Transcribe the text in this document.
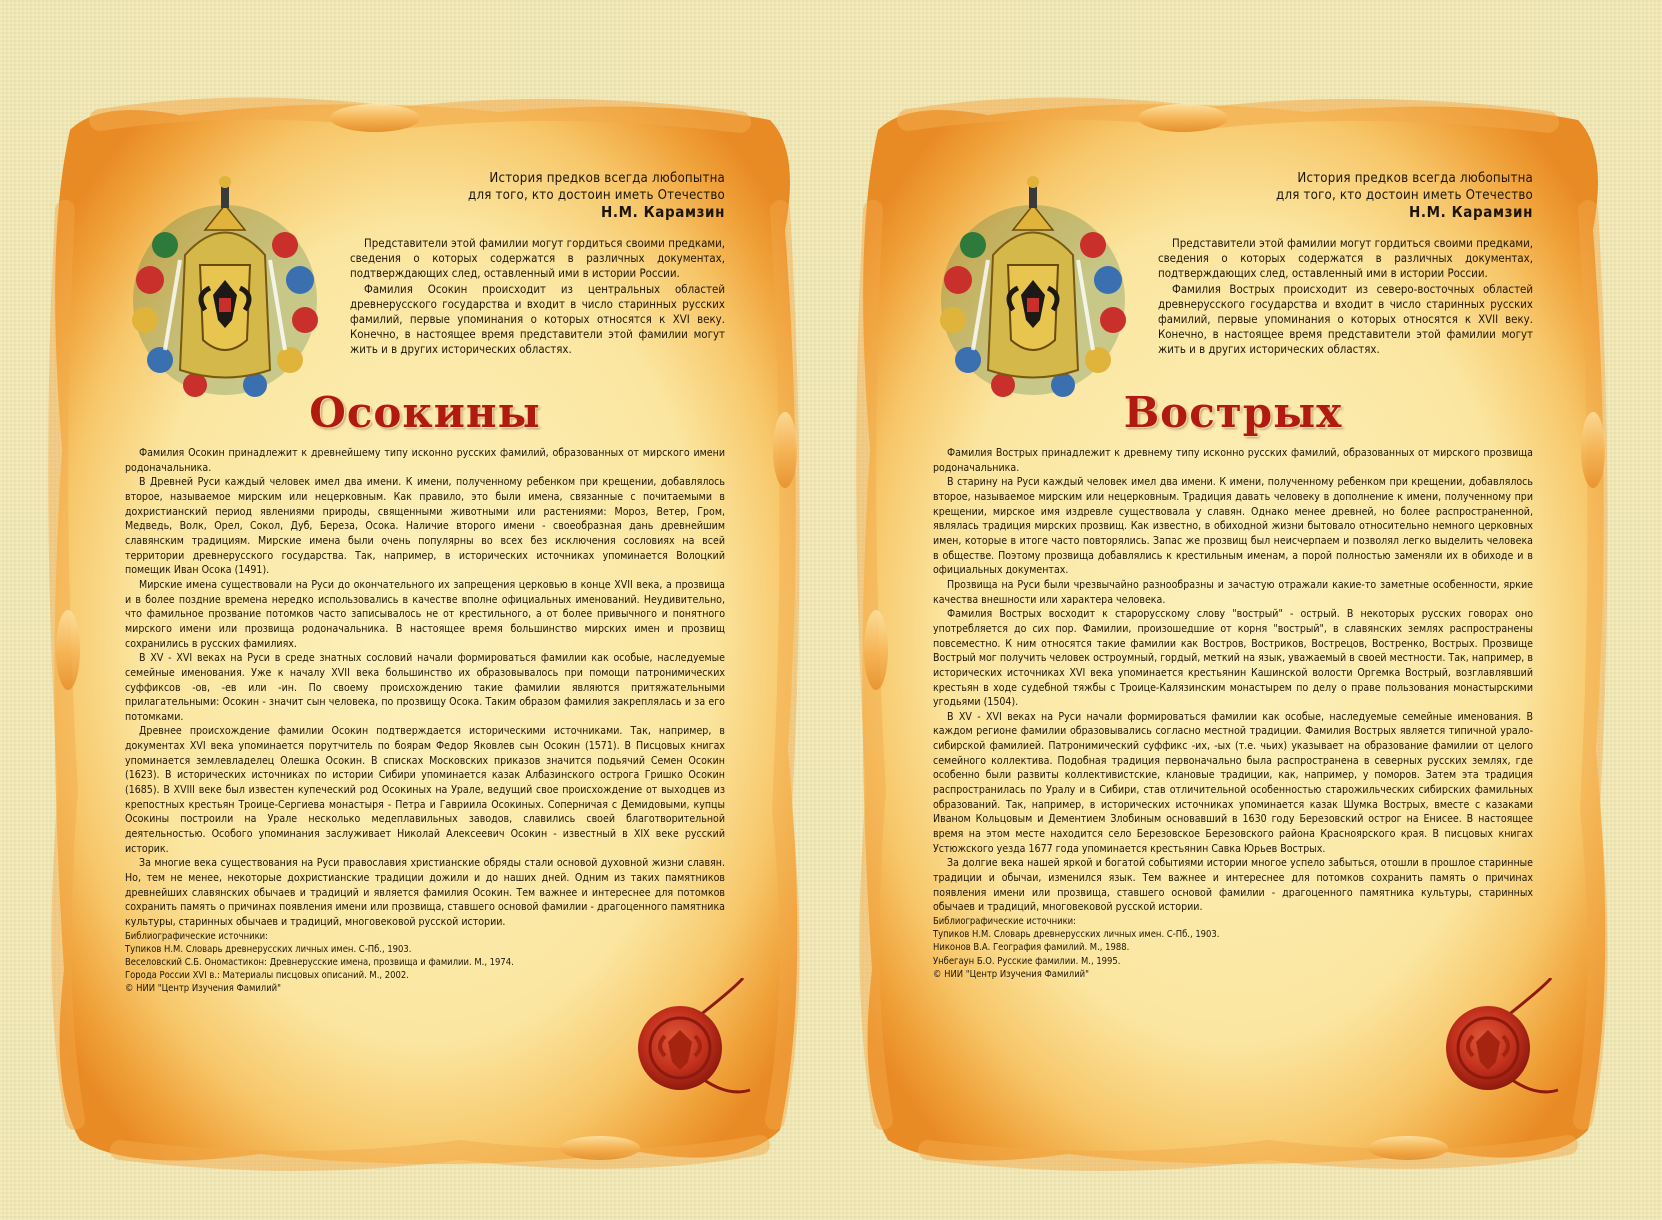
История предков всегда любопытна
для того, кто достоин иметь Отечество
Н.М. Карамзин

Представители этой фамилии могут гордиться своими предками, сведения о которых содержатся в различных документах, подтверждающих след, оставленный ими в истории России.

Фамилия Осокин происходит из центральных областей древнерусского государства и входит в число старинных русских фамилий, первые упоминания о которых относятся к XVI веку. Конечно, в настоящее время представители этой фамилии могут жить и в других исторических областях.

Осокины

Фамилия Осокин принадлежит к древнейшему типу исконно русских фамилий, образованных от мирского имени родоначальника.

В Древней Руси каждый человек имел два имени. К имени, полученному ребенком при крещении, добавлялось второе, называемое мирским или нецерковным. Как правило, это были имена, связанные с почитаемыми в дохристианский период явлениями природы, священными животными или растениями: Мороз, Ветер, Гром, Медведь, Волк, Орел, Сокол, Дуб, Береза, Осока. Наличие второго имени - своеобразная дань древнейшим славянским традициям. Мирские имена были очень популярны во всех без исключения сословиях на всей территории древнерусского государства. Так, например, в исторических источниках упоминается Волоцкий помещик Иван Осока (1491).

Мирские имена существовали на Руси до окончательного их запрещения церковью в конце XVII века, а прозвища и в более поздние времена нередко использовались в качестве вполне официальных именований. Неудивительно, что фамильное прозвание потомков часто записывалось не от крестильного, а от более привычного и понятного мирского имени или прозвища родоначальника. В настоящее время большинство мирских имен и прозвищ сохранились в русских фамилиях.

В XV - XVI веках на Руси в среде знатных сословий начали формироваться фамилии как особые, наследуемые семейные именования. Уже к началу XVII века большинство их образовывалось при помощи патронимических суффиксов -ов, -ев или -ин. По своему происхождению такие фамилии являются притяжательными прилагательными: Осокин - значит сын человека, по прозвищу Осока. Таким образом фамилия закреплялась и за его потомками.

Древнее происхождение фамилии Осокин подтверждается историческими источниками. Так, например, в документах XVI века упоминается порутчитель по боярам Федор Яковлев сын Осокин (1571). В Писцовых книгах упоминается землевладелец Олешка Осокин. В списках Московских приказов значится подьячий Семен Осокин (1623). В исторических источниках по истории Сибири упоминается казак Албазинского острога Гришко Осокин (1685). В XVIII веке был известен купеческий род Осокиных на Урале, ведущий свое происхождение от выходцев из крепостных крестьян Троице-Сергиева монастыря - Петра и Гавриила Осокиных. Соперничая с Демидовыми, купцы Осокины построили на Урале несколько медеплавильных заводов, славились своей благотворительной деятельностью. Особого упоминания заслуживает Николай Алексеевич Осокин - известный в XIX веке русский историк.

За многие века существования на Руси православия христианские обряды стали основой духовной жизни славян. Но, тем не менее, некоторые дохристианские традиции дожили и до наших дней. Одним из таких памятников древнейших славянских обычаев и традиций и является фамилия Осокин. Тем важнее и интереснее для потомков сохранить память о причинах появления имени или прозвища, ставшего основой фамилии - драгоценного памятника культуры, старинных обычаев и традиций, многовековой русской истории.

Библиографические источники:
Тупиков Н.М. Словарь древнерусских личных имен. С-Пб., 1903.
Веселовский С.Б. Ономастикон: Древнерусские имена, прозвища и фамилии. М., 1974.
Города России XVI в.: Материалы писцовых описаний. М., 2002.
© НИИ "Центр Изучения Фамилий"
История предков всегда любопытна
для того, кто достоин иметь Отечество
Н.М. Карамзин

Представители этой фамилии могут гордиться своими предками, сведения о которых содержатся в различных документах, подтверждающих след, оставленный ими в истории России.

Фамилия Вострых происходит из северо-восточных областей древнерусского государства и входит в число старинных русских фамилий, первые упоминания о которых относятся к XVII веку. Конечно, в настоящее время представители этой фамилии могут жить и в других исторических областях.

Вострых

Фамилия Вострых принадлежит к древнему типу исконно русских фамилий, образованных от мирского прозвища родоначальника.

В старину на Руси каждый человек имел два имени. К имени, полученному ребенком при крещении, добавлялось второе, называемое мирским или нецерковным. Традиция давать человеку в дополнение к имени, полученному при крещении, мирское имя издревле существовала у славян. Однако менее древней, но более распространенной, являлась традиция мирских прозвищ. Как известно, в обиходной жизни бытовало относительно немного церковных имен, которые в итоге часто повторялись. Запас же прозвищ был неисчерпаем и позволял легко выделить человека в обществе. Поэтому прозвища добавлялись к крестильным именам, а порой полностью заменяли их в обиходе и в официальных документах.

Прозвища на Руси были чрезвычайно разнообразны и зачастую отражали какие-то заметные особенности, яркие качества внешности или характера человека.

Фамилия Вострых восходит к старорусскому слову "вострый" - острый. В некоторых русских говорах оно употребляется до сих пор. Фамилии, произошедшие от корня "вострый", в славянских землях распространены повсеместно. К ним относятся такие фамилии как Востров, Востриков, Вострецов, Востренко, Вострых. Прозвище Вострый мог получить человек остроумный, гордый, меткий на язык, уважаемый в своей местности. Так, например, в исторических источниках XVI века упоминается крестьянин Кашинской волости Оргемка Вострый, возглавлявший крестьян в ходе судебной тяжбы с Троице-Калязинским монастырем по делу о праве пользования монастырскими угодьями (1504).

В XV - XVI веках на Руси начали формироваться фамилии как особые, наследуемые семейные именования. В каждом регионе фамилии образовывались согласно местной традиции. Фамилия Вострых является типичной урало-сибирской фамилией. Патронимический суффикс -их, -ых (т.е. чьих) указывает на образование фамилии от целого семейного коллектива. Подобная традиция первоначально была распространена в северных русских землях, где особенно были развиты коллективистские, клановые традиции, как, например, у поморов. Затем эта традиция распространилась по Уралу и в Сибири, став отличительной особенностью старожильческих сибирских фамильных образований. Так, например, в исторических источниках упоминается казак Шумка Вострых, вместе с казаками Иваном Кольцовым и Дементием Злобиным основавший в 1630 году Березовский острог на Енисее. В настоящее время на этом месте находится село Березовское Березовского района Красноярского края. В писцовых книгах Устюжского уезда 1677 года упоминается крестьянин Савка Юрьев Вострых.

За долгие века нашей яркой и богатой событиями истории многое успело забыться, отошли в прошлое старинные традиции и обычаи, изменился язык. Тем важнее и интереснее для потомков сохранить память о причинах появления имени или прозвища, ставшего основой фамилии - драгоценного памятника культуры, старинных обычаев и традиций, многовековой русской истории.

Библиографические источники:
Тупиков Н.М. Словарь древнерусских личных имен. С-Пб., 1903.
Никонов В.А. География фамилий. М., 1988.
Унбегаун Б.О. Русские фамилии. М., 1995.
© НИИ "Центр Изучения Фамилий"
